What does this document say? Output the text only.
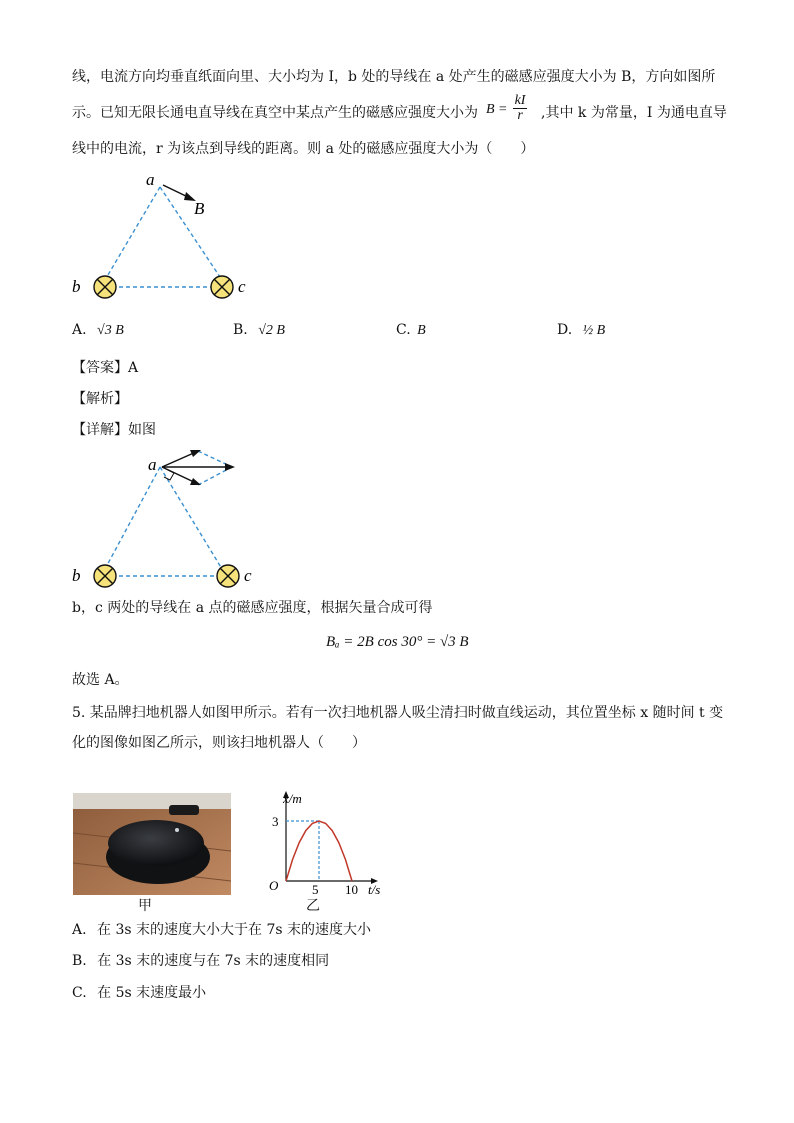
线，电流方向均垂直纸面向里、大小均为 I，b 处的导线在 a 处产生的磁感应强度大小为 B，方向如图所
示。已知无限长通电直导线在真空中某点产生的磁感应强度大小为 $B = \frac{kI}{r}$ ,其中 k 为常量，I 为通电直导
线中的电流，r 为该点到导线的距离。则 a 处的磁感应强度大小为（　　）
a
B
b	c
A. √3 B	B. √2 B	C. B	D. ½ B
【答案】A
【解析】
【详解】如图
a
b	c
b，c 两处的导线在 a 点的磁感应强度，根据矢量合成可得
Bₐ = 2B cos 30° = √3 B
故选 A。
5. 某品牌扫地机器人如图甲所示。若有一次扫地机器人吸尘清扫时做直线运动，其位置坐标 x 随时间 t 变
化的图像如图乙所示，则该扫地机器人（　　）
甲
x/m
t/s
O	5 10
3
乙
A. 在 3s 末的速度大小大于在 7s 末的速度大小
B. 在 3s 末的速度与在 7s 末的速度相同
C. 在 5s 末速度最小
